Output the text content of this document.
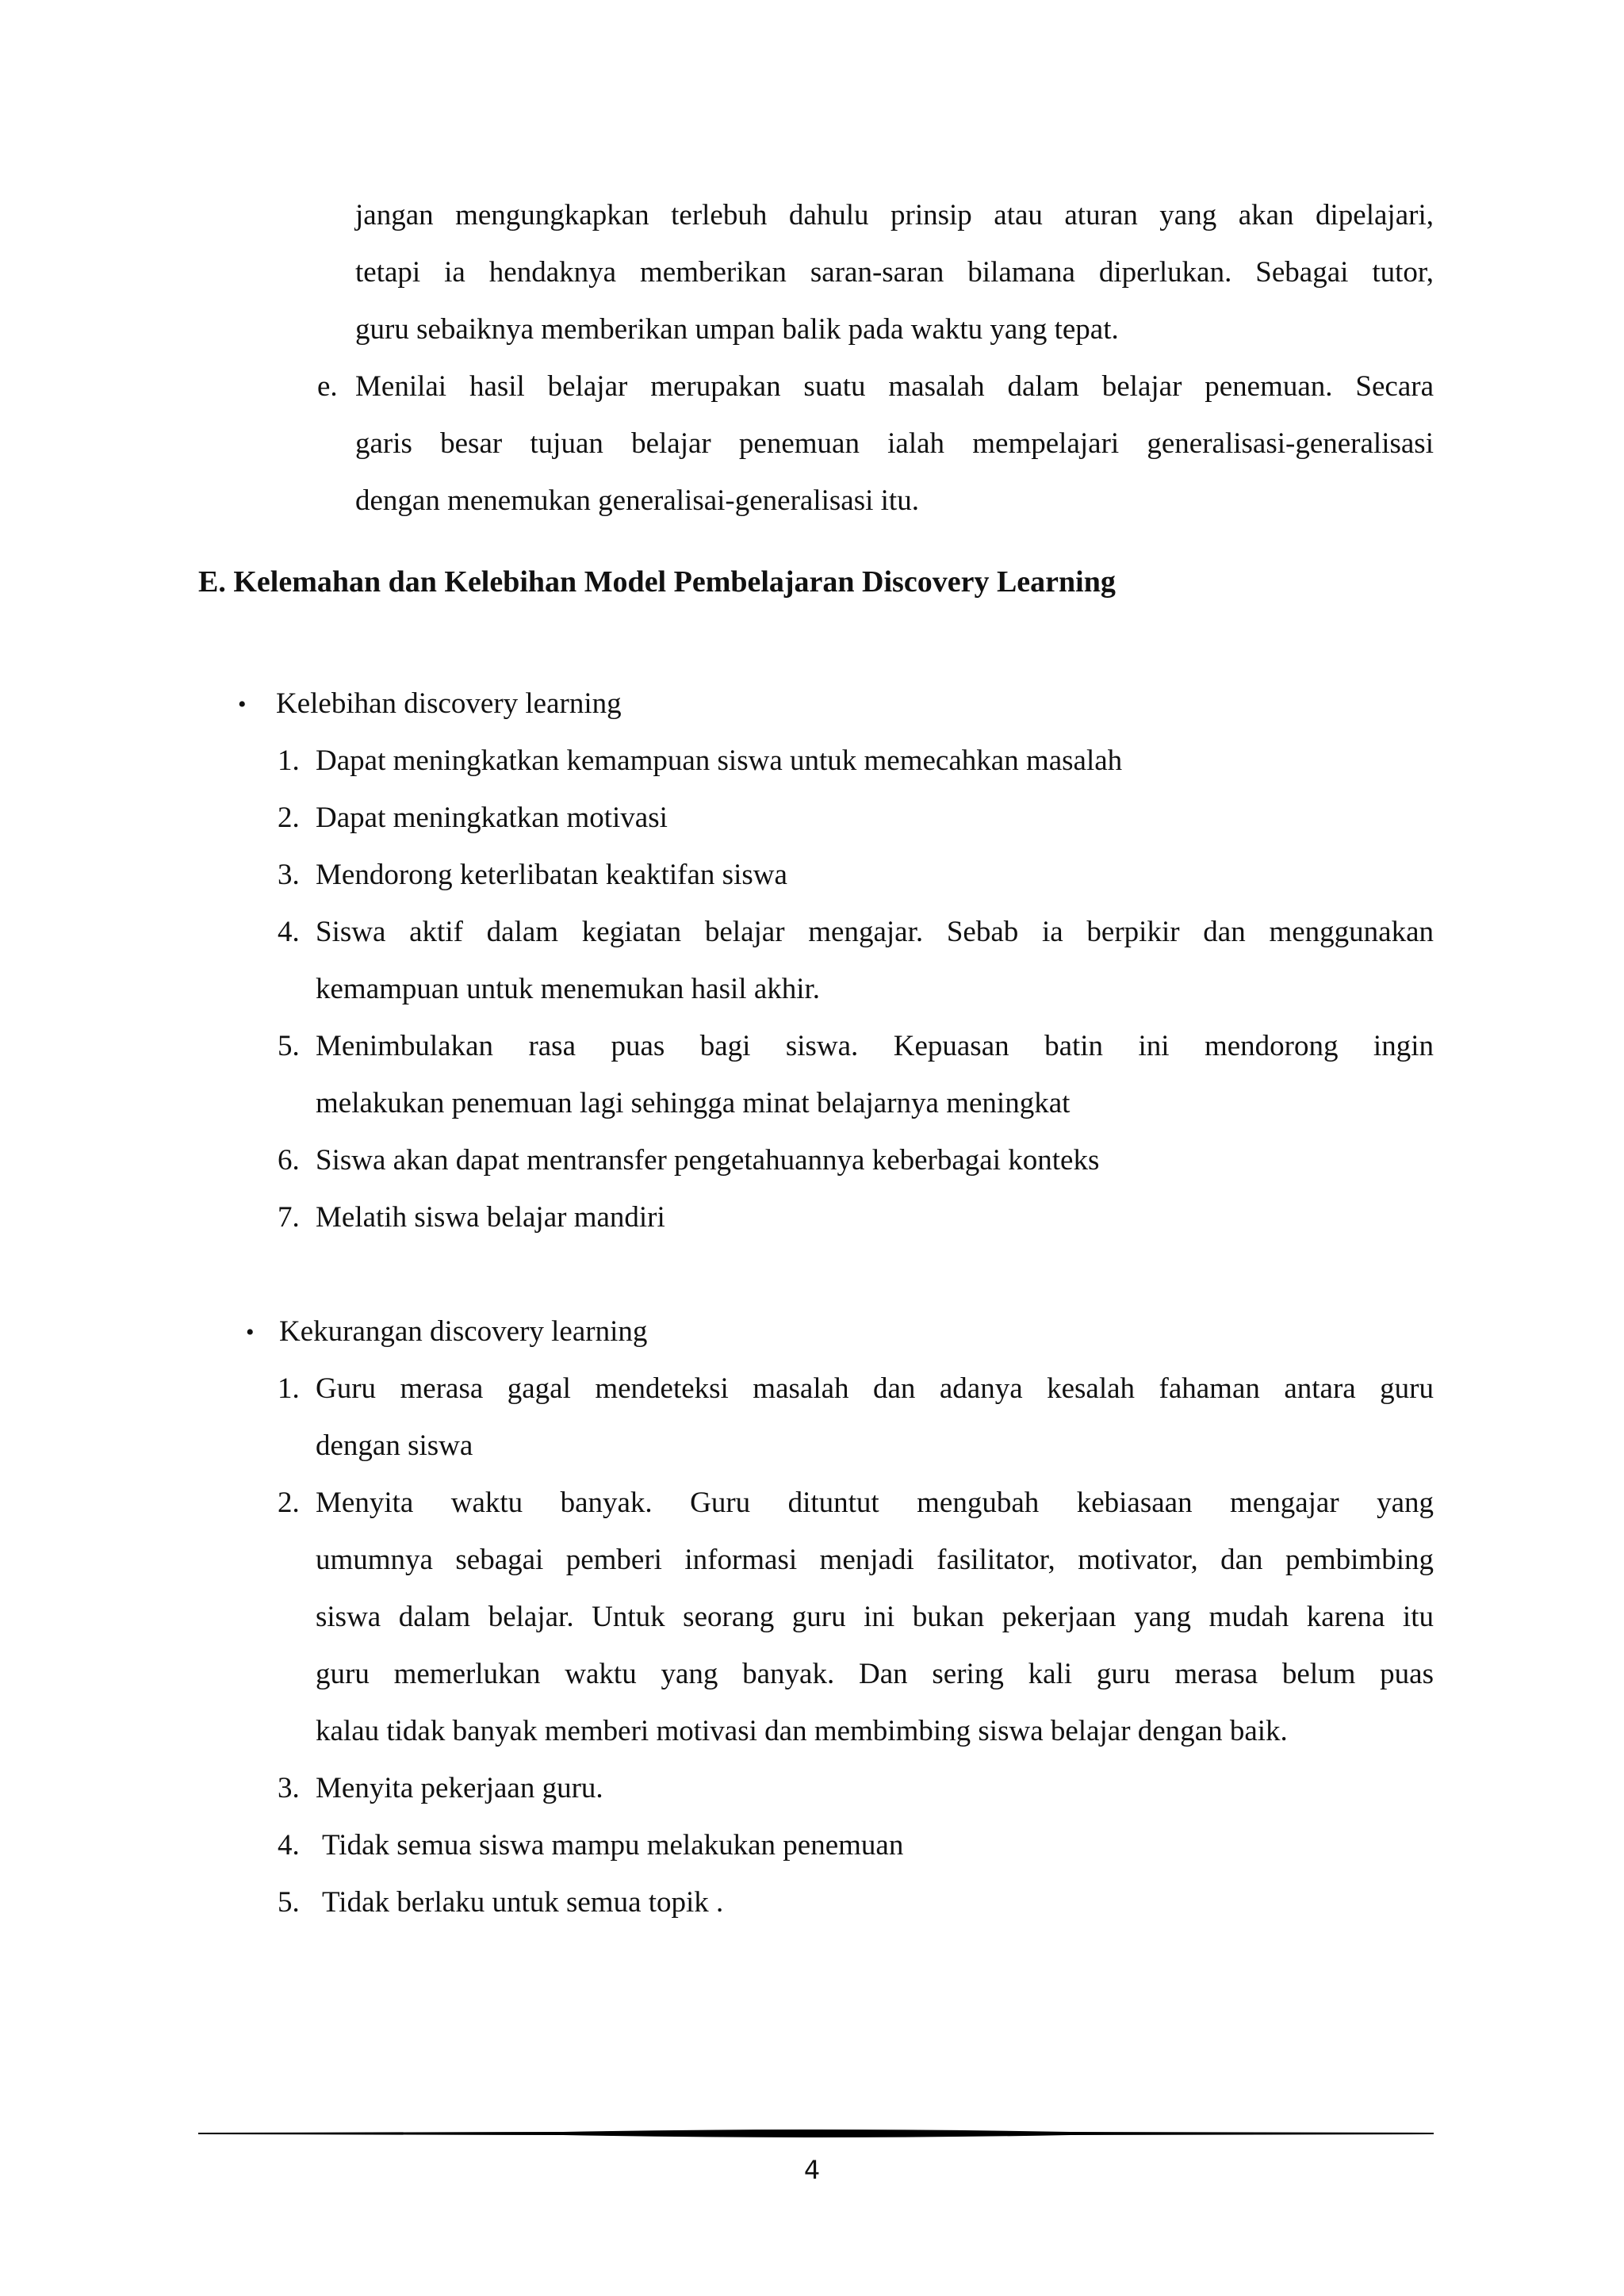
jangan mengungkapkan terlebuh dahulu prinsip atau aturan yang akan dipelajari,
tetapi ia hendaknya memberikan saran-saran bilamana diperlukan. Sebagai tutor,
guru sebaiknya memberikan umpan balik pada waktu yang tepat.
e. Menilai hasil belajar merupakan suatu masalah dalam belajar penemuan. Secara
garis besar tujuan belajar penemuan ialah mempelajari generalisasi-generalisasi
dengan menemukan generalisai-generalisasi itu.
E. Kelemahan dan Kelebihan Model Pembelajaran Discovery Learning
• Kelebihan discovery learning
1. Dapat meningkatkan kemampuan siswa untuk memecahkan masalah
2. Dapat meningkatkan motivasi
3. Mendorong keterlibatan keaktifan siswa
4. Siswa aktif dalam kegiatan belajar mengajar. Sebab ia berpikir dan menggunakan
kemampuan untuk menemukan hasil akhir.
5. Menimbulakan rasa puas bagi siswa. Kepuasan batin ini mendorong ingin
melakukan penemuan lagi sehingga minat belajarnya meningkat
6. Siswa akan dapat mentransfer pengetahuannya keberbagai konteks
7. Melatih siswa belajar mandiri
• Kekurangan discovery learning
1. Guru merasa gagal mendeteksi masalah dan adanya kesalah fahaman antara guru
dengan siswa
2. Menyita waktu banyak. Guru dituntut mengubah kebiasaan mengajar yang
umumnya sebagai pemberi informasi menjadi fasilitator, motivator, dan pembimbing
siswa dalam belajar. Untuk seorang guru ini bukan pekerjaan yang mudah karena itu
guru memerlukan waktu yang banyak. Dan sering kali guru merasa belum puas
kalau tidak banyak memberi motivasi dan membimbing siswa belajar dengan baik.
3. Menyita pekerjaan guru.
4. Tidak semua siswa mampu melakukan penemuan
5. Tidak berlaku untuk semua topik .
4
